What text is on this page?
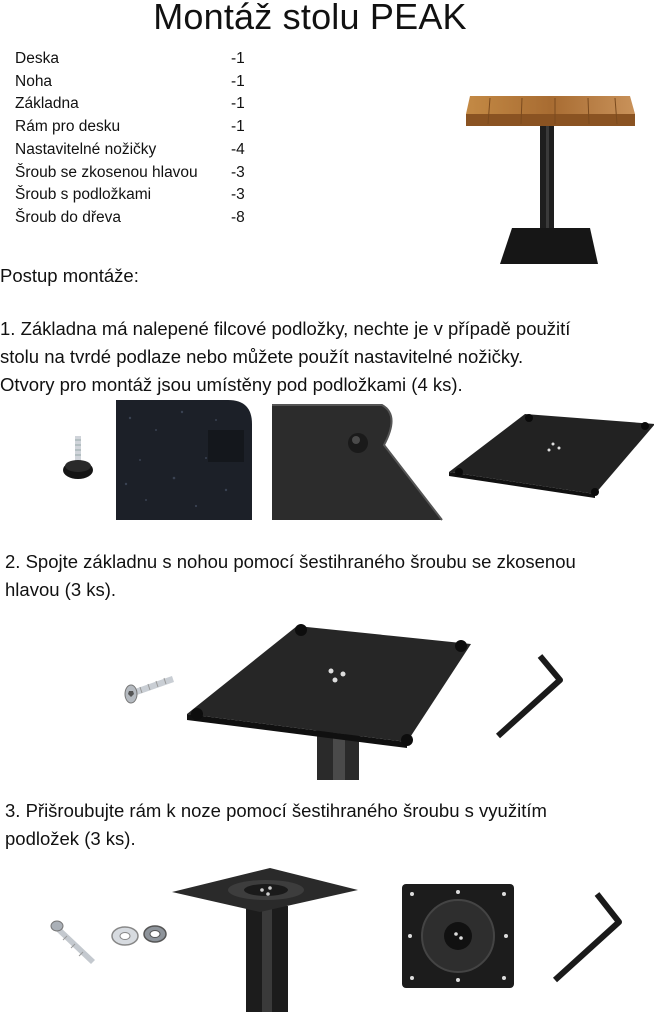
Montáž stolu PEAK
Deska	-1
Noha	-1
Základna	-1
Rám pro desku	-1
Nastavitelné nožičky	-4
Šroub se zkosenou hlavou	-3
Šroub s podložkami	-3
Šroub do dřeva	-8
Postup montáže:
1. Základna má nalepené filcové podložky, nechte je v případě použití
stolu na tvrdé podlaze nebo můžete použít nastavitelné nožičky.
Otvory pro montáž jsou umístěny pod podložkami (4 ks).
2. Spojte základnu s nohou pomocí šestihraného šroubu se zkosenou
hlavou (3 ks).
3. Přišroubujte rám k noze pomocí šestihraného šroubu s využitím
podložek (3 ks).
